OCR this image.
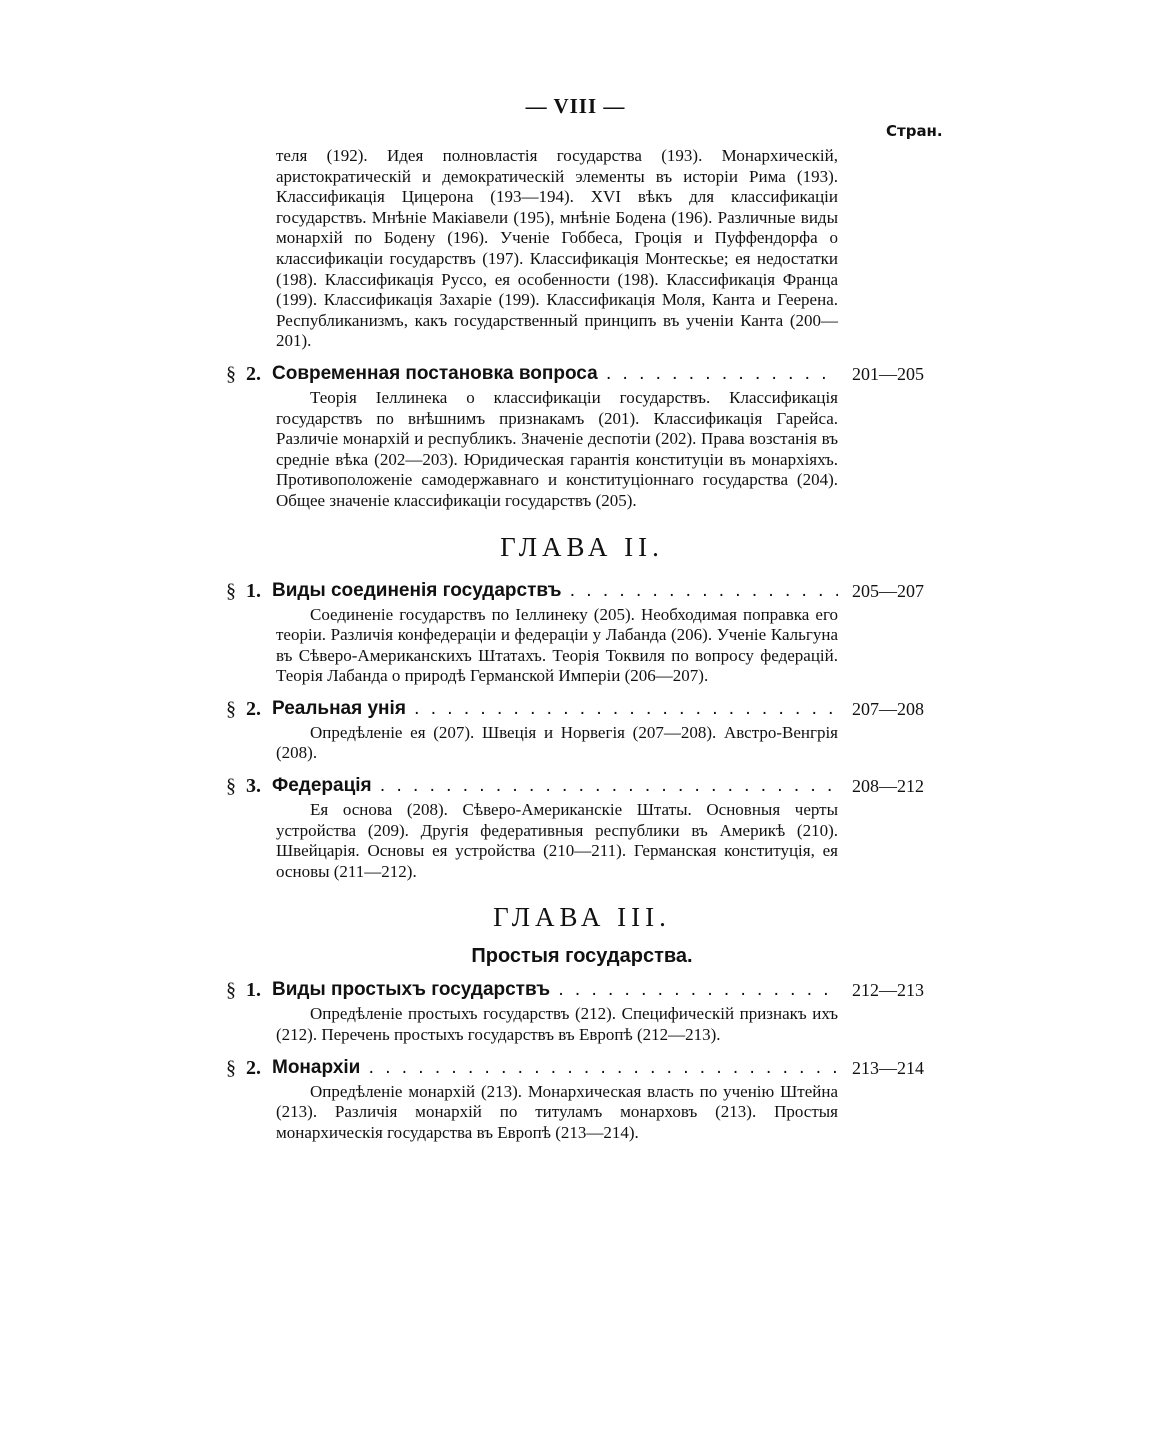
— VIII —
Стран.

теля (192). Идея полновластія государства (193). Монархическій, аристократическій и демократическій элементы въ исторіи Рима (193). Классификація Цицерона (193—194). XVI вѣкъ для классификаціи государствъ. Мнѣніе Макіавели (195), мнѣніе Бодена (196). Различные виды монархій по Бодену (196). Ученіе Гоббеса, Гроція и Пуффендорфа о классификаціи государствъ (197). Классификація Монтескье; ея недостатки (198). Классификація Руссо, ея особенности (198). Классификація Франца (199). Классификація Захаріе (199). Классификація Моля, Канта и Геерена. Республиканизмъ, какъ государственный принципъ въ ученіи Канта (200—201).

§ 2. Современная постановка вопроса . . .	201—205

Теорія Іеллинека о классификаціи государствъ. Классификація государствъ по внѣшнимъ признакамъ (201). Классификація Гарейса. Различіе монархій и республикъ. Значеніе деспотіи (202). Права возстанія въ средніе вѣка (202—203). Юридическая гарантія конституціи въ монархіяхъ. Противоположеніе самодержавнаго и конституціоннаго государства (204). Общее значеніе классификаціи государствъ (205).

ГЛАВА II.
§ 1. Виды соединенія государствъ . . .	205—207

Соединеніе государствъ по Іеллинеку (205). Необходимая поправка его теоріи. Различія конфедераціи и федераціи у Лабанда (206). Ученіе Кальгуна въ Сѣверо-Американскихъ Штатахъ. Теорія Токвиля по вопросу федерацій. Теорія Лабанда о природѣ Германской Имперіи (206—207).

§ 2. Реальная унія . . .	207—208

Опредѣленіе ея (207). Швеція и Норвегія (207—208). Австро-Венгрія (208).

§ 3. Федерація . . .	208—212

Ея основа (208). Сѣверо-Американскіе Штаты. Основныя черты устройства (209). Другія федеративныя республики въ Америкѣ (210). Швейцарія. Основы ея устройства (210—211). Германская конституція, ея основы (211—212).

ГЛАВА III.
Простыя государства.
§ 1. Виды простыхъ государствъ . . .	212—213

Опредѣленіе простыхъ государствъ (212). Специфическій признакъ ихъ (212). Перечень простыхъ государствъ въ Европѣ (212—213).

§ 2. Монархіи . . .	213—214

Опредѣленіе монархій (213). Монархическая власть по ученію Штейна (213). Различія монархій по титуламъ монарховъ (213). Простыя монархическія государства въ Европѣ (213—214).
